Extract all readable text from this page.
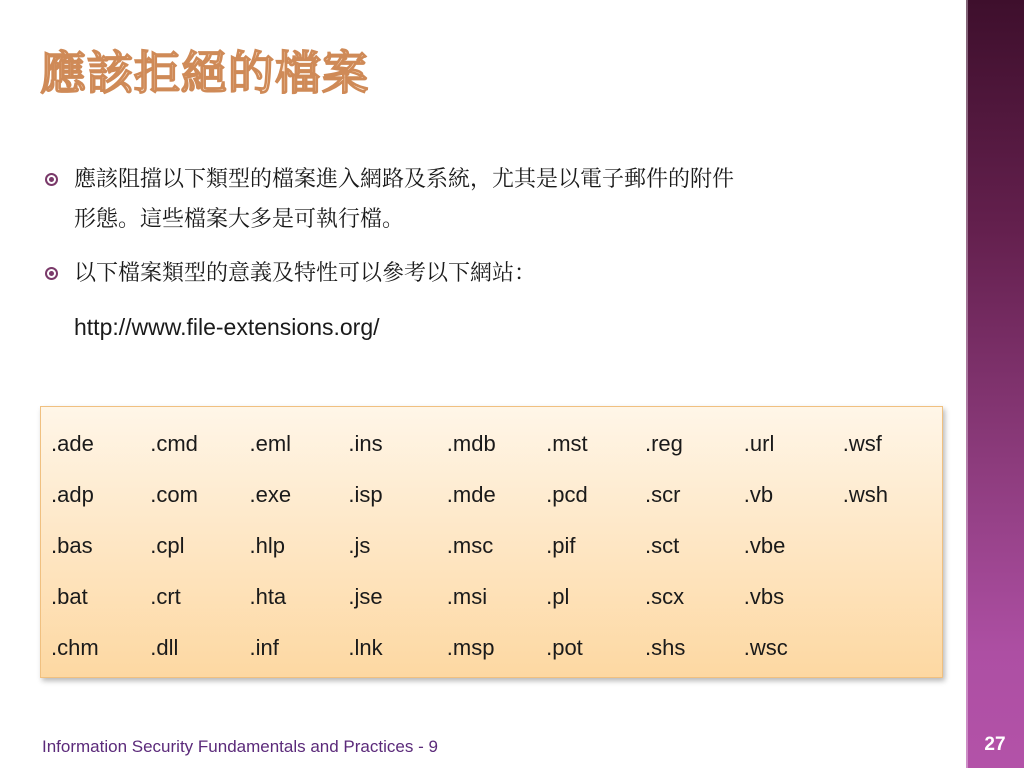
27
應該拒絕的檔案
應該阻擋以下類型的檔案進入網路及系統，尤其是以電子郵件的附件
形態。這些檔案大多是可執行檔。
以下檔案類型的意義及特性可以參考以下網站：
http://www.file-extensions.org/
.ade	.cmd	.eml	.ins	.mdb	.mst	.reg	.url	.wsf
.adp	.com	.exe	.isp	.mde	.pcd	.scr	.vb	.wsh
.bas	.cpl	.hlp	.js	.msc	.pif	.sct	.vbe	
.bat	.crt	.hta	.jse	.msi	.pl	.scx	.vbs	
.chm	.dll	.inf	.lnk	.msp	.pot	.shs	.wsc	
Information Security Fundamentals and Practices - 9
